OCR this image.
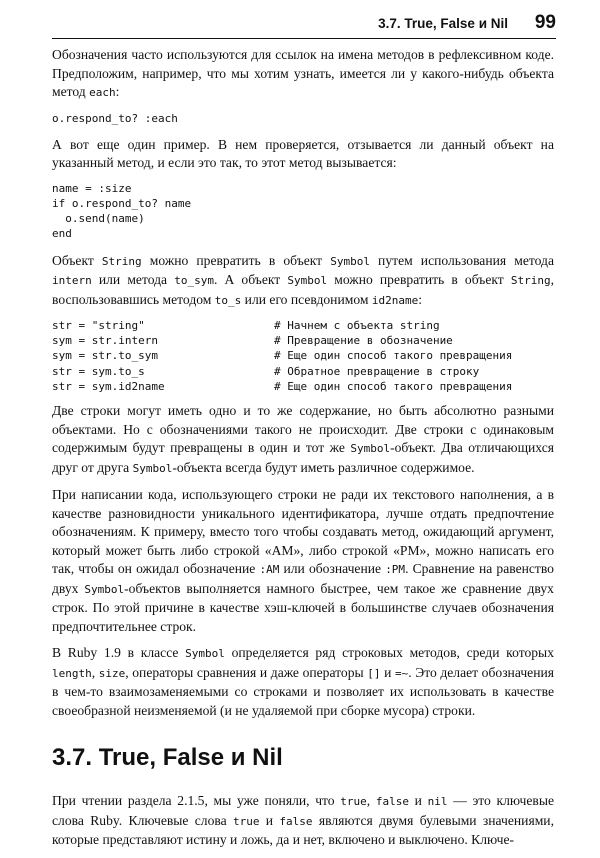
3.7. True, False и Nil 99

Обозначения часто используются для ссылок на имена методов в рефлексивном коде. Предположим, например, что мы хотим узнать, имеется ли у какого-нибудь объекта метод each:

o.respond_to? :each

А вот еще один пример. В нем проверяется, отзывается ли данный объект на указанный метод, и если это так, то этот метод вызывается:

name = :size
if o.respond_to? name
o.send(name)
end

Объект String можно превратить в объект Symbol путем использования метода intern или метода to_sym. А объект Symbol можно превратить в объект String, воспользовавшись методом to_s или его псевдонимом id2name:

str = "string"	# Начнем с объекта string
sym = str.intern	# Превращение в обозначение
sym = str.to_sym	# Еще один способ такого превращения
str = sym.to_s	# Обратное превращение в строку
str = sym.id2name	# Еще один способ такого превращения

Две строки могут иметь одно и то же содержание, но быть абсолютно разными объектами. Но с обозначениями такого не происходит. Две строки с одинаковым содержимым будут превращены в один и тот же Symbol-объект. Два отличающихся друг от друга Symbol-объекта всегда будут иметь различное содержимое.

При написании кода, использующего строки не ради их текстового наполнения, а в качестве разновидности уникального идентификатора, лучше отдать предпочтение обозначениям. К примеру, вместо того чтобы создавать метод, ожидающий аргумент, который может быть либо строкой «AM», либо строкой «PM», можно написать его так, чтобы он ожидал обозначение :AM или обозначение :PM. Сравнение на равенство двух Symbol-объектов выполняется намного быстрее, чем такое же сравнение двух строк. По этой причине в качестве хэш-ключей в большинстве случаев обозначения предпочтительнее строк.

В Ruby 1.9 в классе Symbol определяется ряд строковых методов, среди которых length, size, операторы сравнения и даже операторы [] и =~. Это делает обозначения в чем-то взаимозаменяемыми со строками и позволяет их использовать в качестве своеобразной неизменяемой (и не удаляемой при сборке мусора) строки.

3.7. True, False и Nil

При чтении раздела 2.1.5, мы уже поняли, что true, false и nil — это ключевые слова Ruby. Ключевые слова true и false являются двумя булевыми значениями, которые представляют истину и ложь, да и нет, включено и выключено. Ключе-
